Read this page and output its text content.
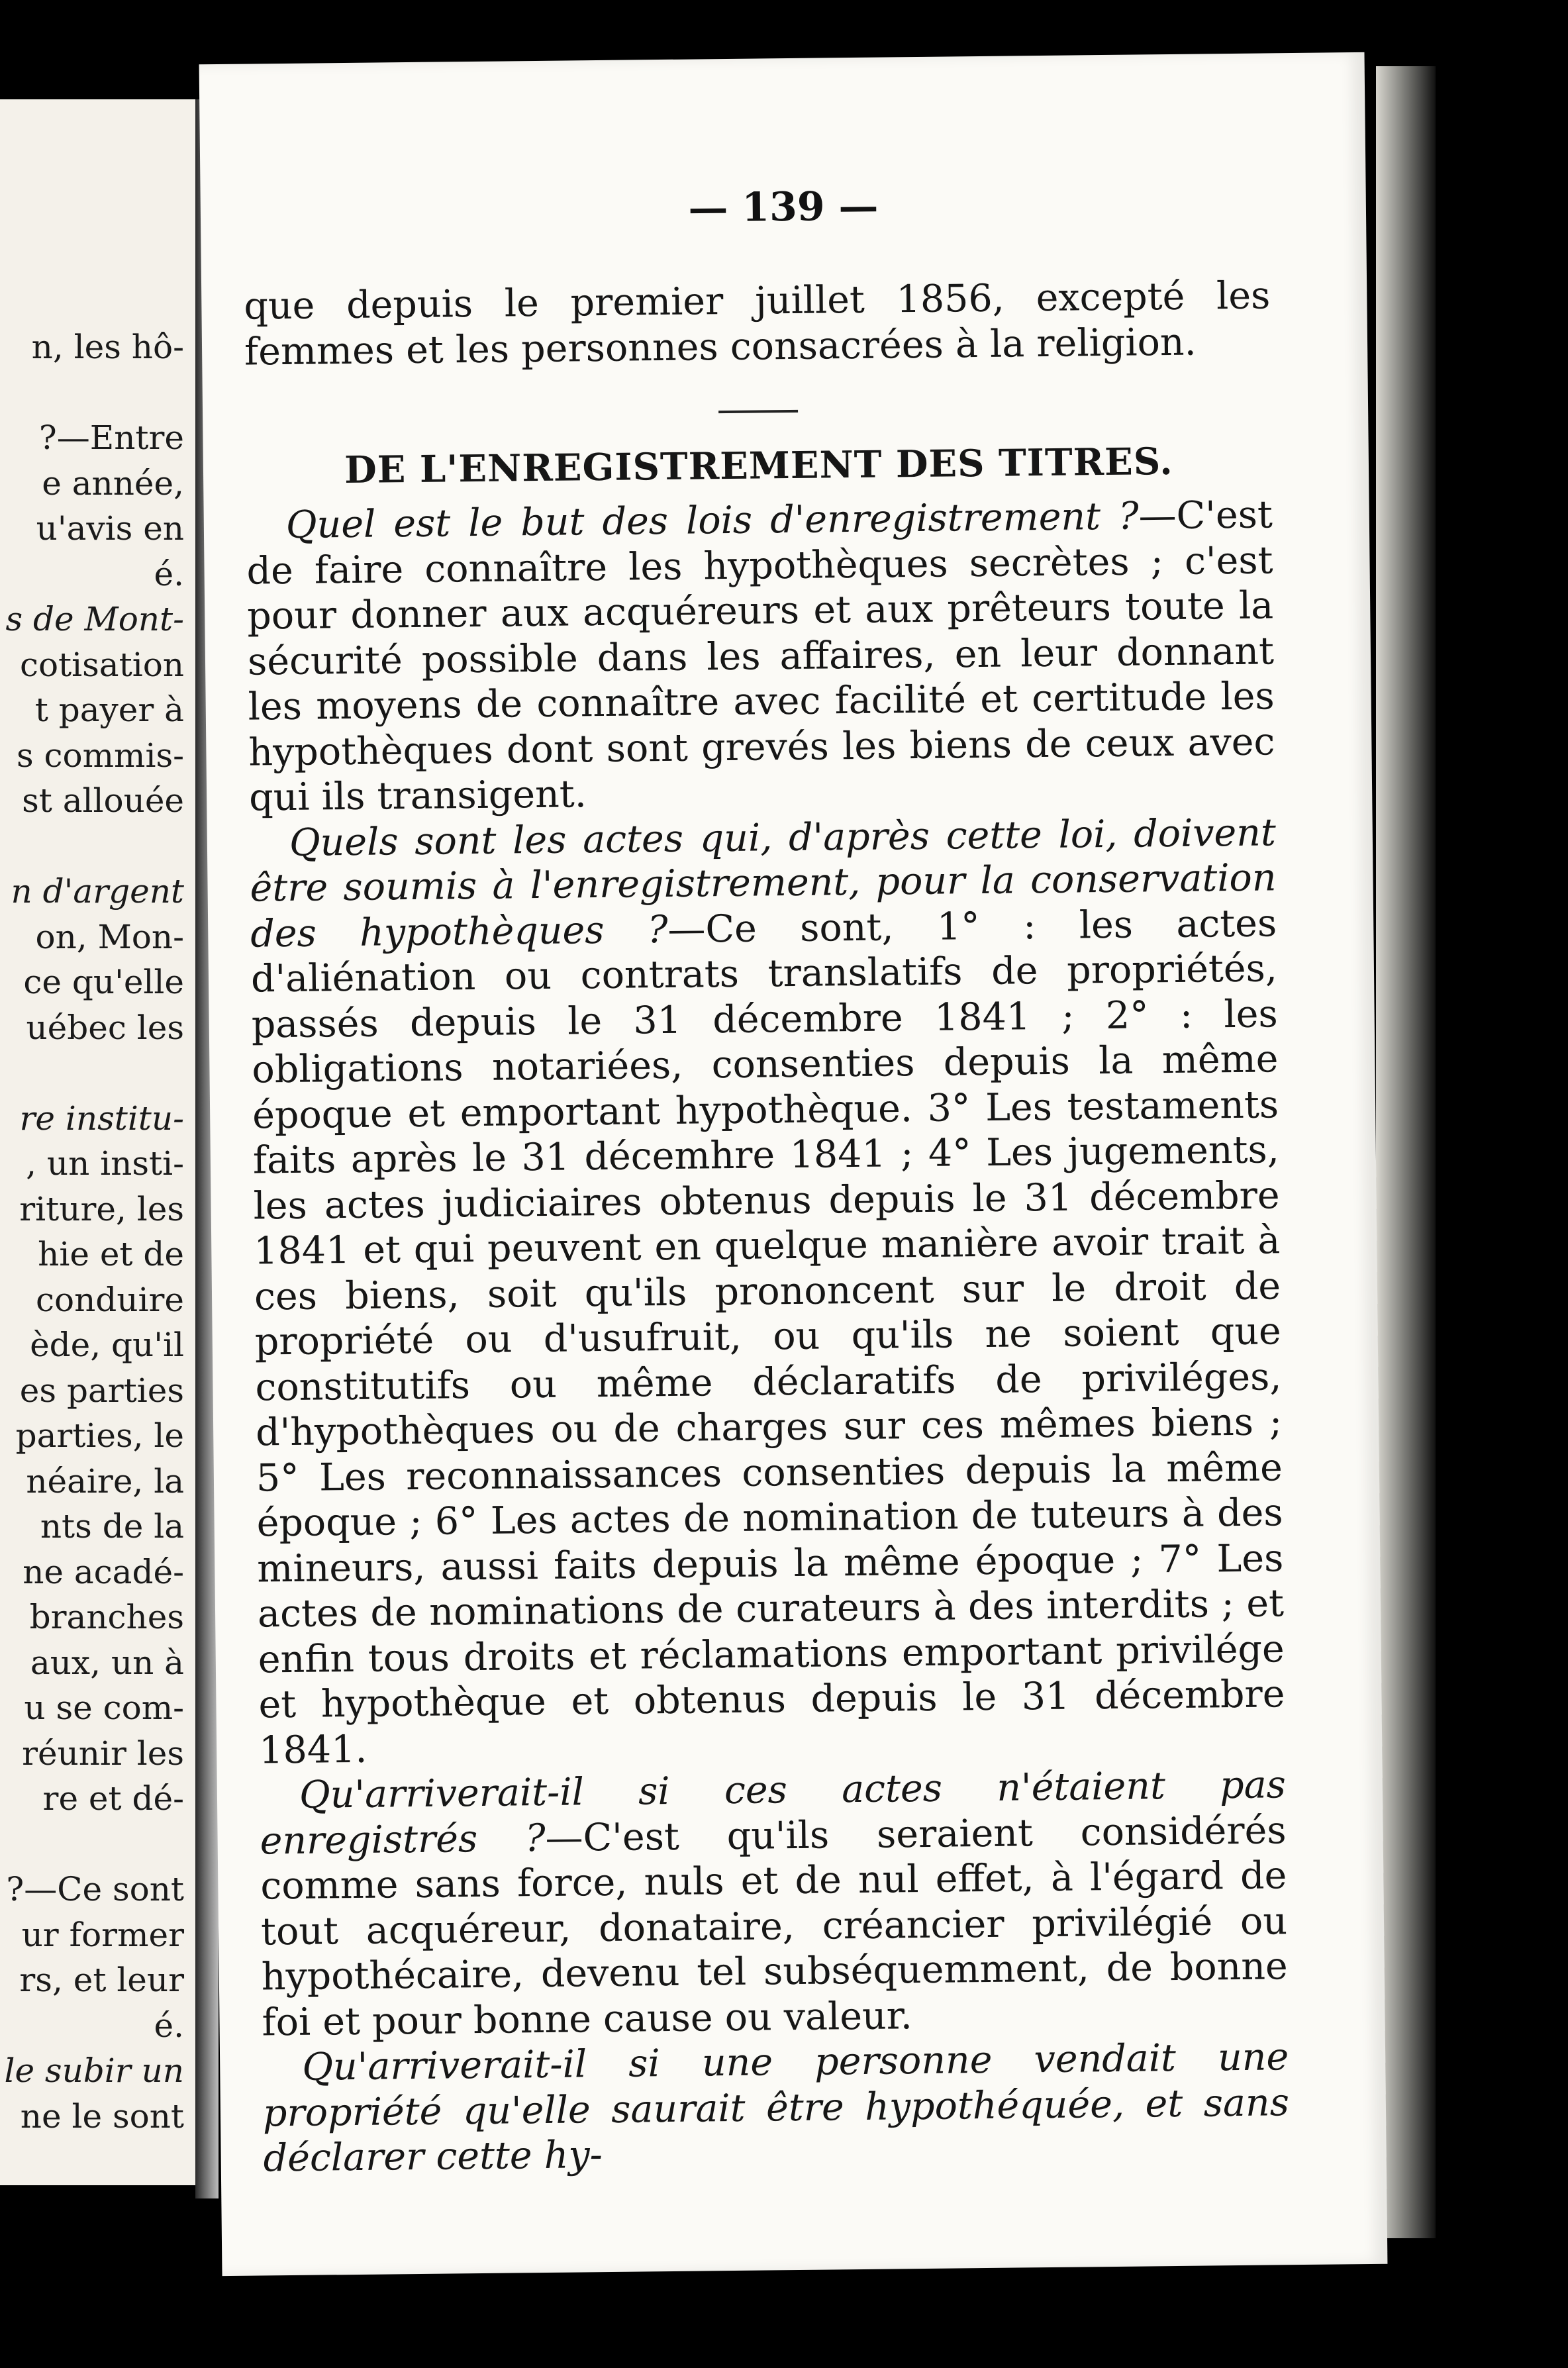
n, les hô-

?—Entre
e année,
u'avis en
é.
s de Mont-
cotisation
t payer à
s commis-
st allouée

n d'argent
on, Mon-
ce qu'elle
uébec les

re institu-
, un insti-
riture, les
hie et de
conduire
ède, qu'il
es parties
parties, le
néaire, la
nts de la
ne acadé-
branches
aux, un à
u se com-
réunir les
re et dé-

?—Ce sont
ur former
rs, et leur
é.
le subir un
ne le sont
— 139 —

que depuis le premier juillet 1856, excepté les femmes et les personnes consacrées à la religion.

DE L'ENREGISTREMENT DES TITRES.

Quel est le but des lois d'enregistrement ?—C'est de faire connaître les hypothèques secrètes ; c'est pour donner aux acquéreurs et aux prêteurs toute la sécurité possible dans les affaires, en leur donnant les moyens de connaître avec facilité et certitude les hypothèques dont sont grevés les biens de ceux avec qui ils transigent.

Quels sont les actes qui, d'après cette loi, doivent être soumis à l'enregistrement, pour la conservation des hypothèques ?—Ce sont, 1° : les actes d'aliénation ou contrats translatifs de propriétés, passés depuis le 31 décembre 1841 ; 2° : les obligations notariées, consenties depuis la même époque et emportant hypothèque. 3° Les testaments faits après le 31 décemhre 1841 ; 4° Les jugements, les actes judiciaires obtenus depuis le 31 décembre 1841 et qui peuvent en quelque manière avoir trait à ces biens, soit qu'ils prononcent sur le droit de propriété ou d'usufruit, ou qu'ils ne soient que constitutifs ou même déclaratifs de priviléges, d'hypothèques ou de charges sur ces mêmes biens ; 5° Les reconnaissances consenties depuis la même époque ; 6° Les actes de nomination de tuteurs à des mineurs, aussi faits depuis la même époque ; 7° Les actes de nominations de curateurs à des interdits ; et enfin tous droits et réclamations emportant privilége et hypothèque et obtenus depuis le 31 décembre 1841.

Qu'arriverait-il si ces actes n'étaient pas enregistrés ?—C'est qu'ils seraient considérés comme sans force, nuls et de nul effet, à l'égard de tout acquéreur, donataire, créancier privilégié ou hypothécaire, devenu tel subséquemment, de bonne foi et pour bonne cause ou valeur.

Qu'arriverait-il si une personne vendait une propriété qu'elle saurait être hypothéquée, et sans déclarer cette hy-
